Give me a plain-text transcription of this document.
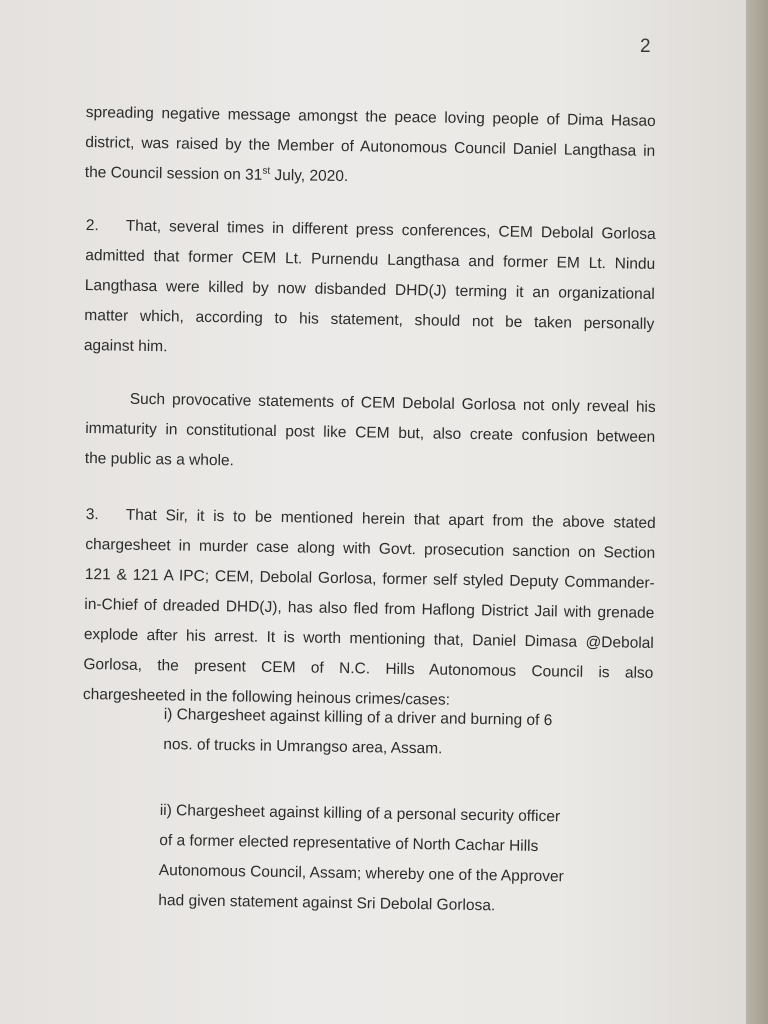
2
spreading negative message amongst the peace loving people of Dima Hasao
district, was raised by the Member of Autonomous Council Daniel Langthasa in
the Council session on 31st July, 2020.
2. That, several times in different press conferences, CEM Debolal Gorlosa
admitted that former CEM Lt. Purnendu Langthasa and former EM Lt. Nindu
Langthasa were killed by now disbanded DHD(J) terming it an organizational
matter which, according to his statement, should not be taken personally
against him.
Such provocative statements of CEM Debolal Gorlosa not only reveal his
immaturity in constitutional post like CEM but, also create confusion between
the public as a whole.
3. That Sir, it is to be mentioned herein that apart from the above stated
chargesheet in murder case along with Govt. prosecution sanction on Section
121 & 121 A IPC; CEM, Debolal Gorlosa, former self styled Deputy Commander-
in-Chief of dreaded DHD(J), has also fled from Haflong District Jail with grenade
explode after his arrest. It is worth mentioning that, Daniel Dimasa @Debolal
Gorlosa, the present CEM of N.C. Hills Autonomous Council is also
chargesheeted in the following heinous crimes/cases:
i) Chargesheet against killing of a driver and burning of 6
nos. of trucks in Umrangso area, Assam.
ii) Chargesheet against killing of a personal security officer
of a former elected representative of North Cachar Hills
Autonomous Council, Assam; whereby one of the Approver
had given statement against Sri Debolal Gorlosa.
